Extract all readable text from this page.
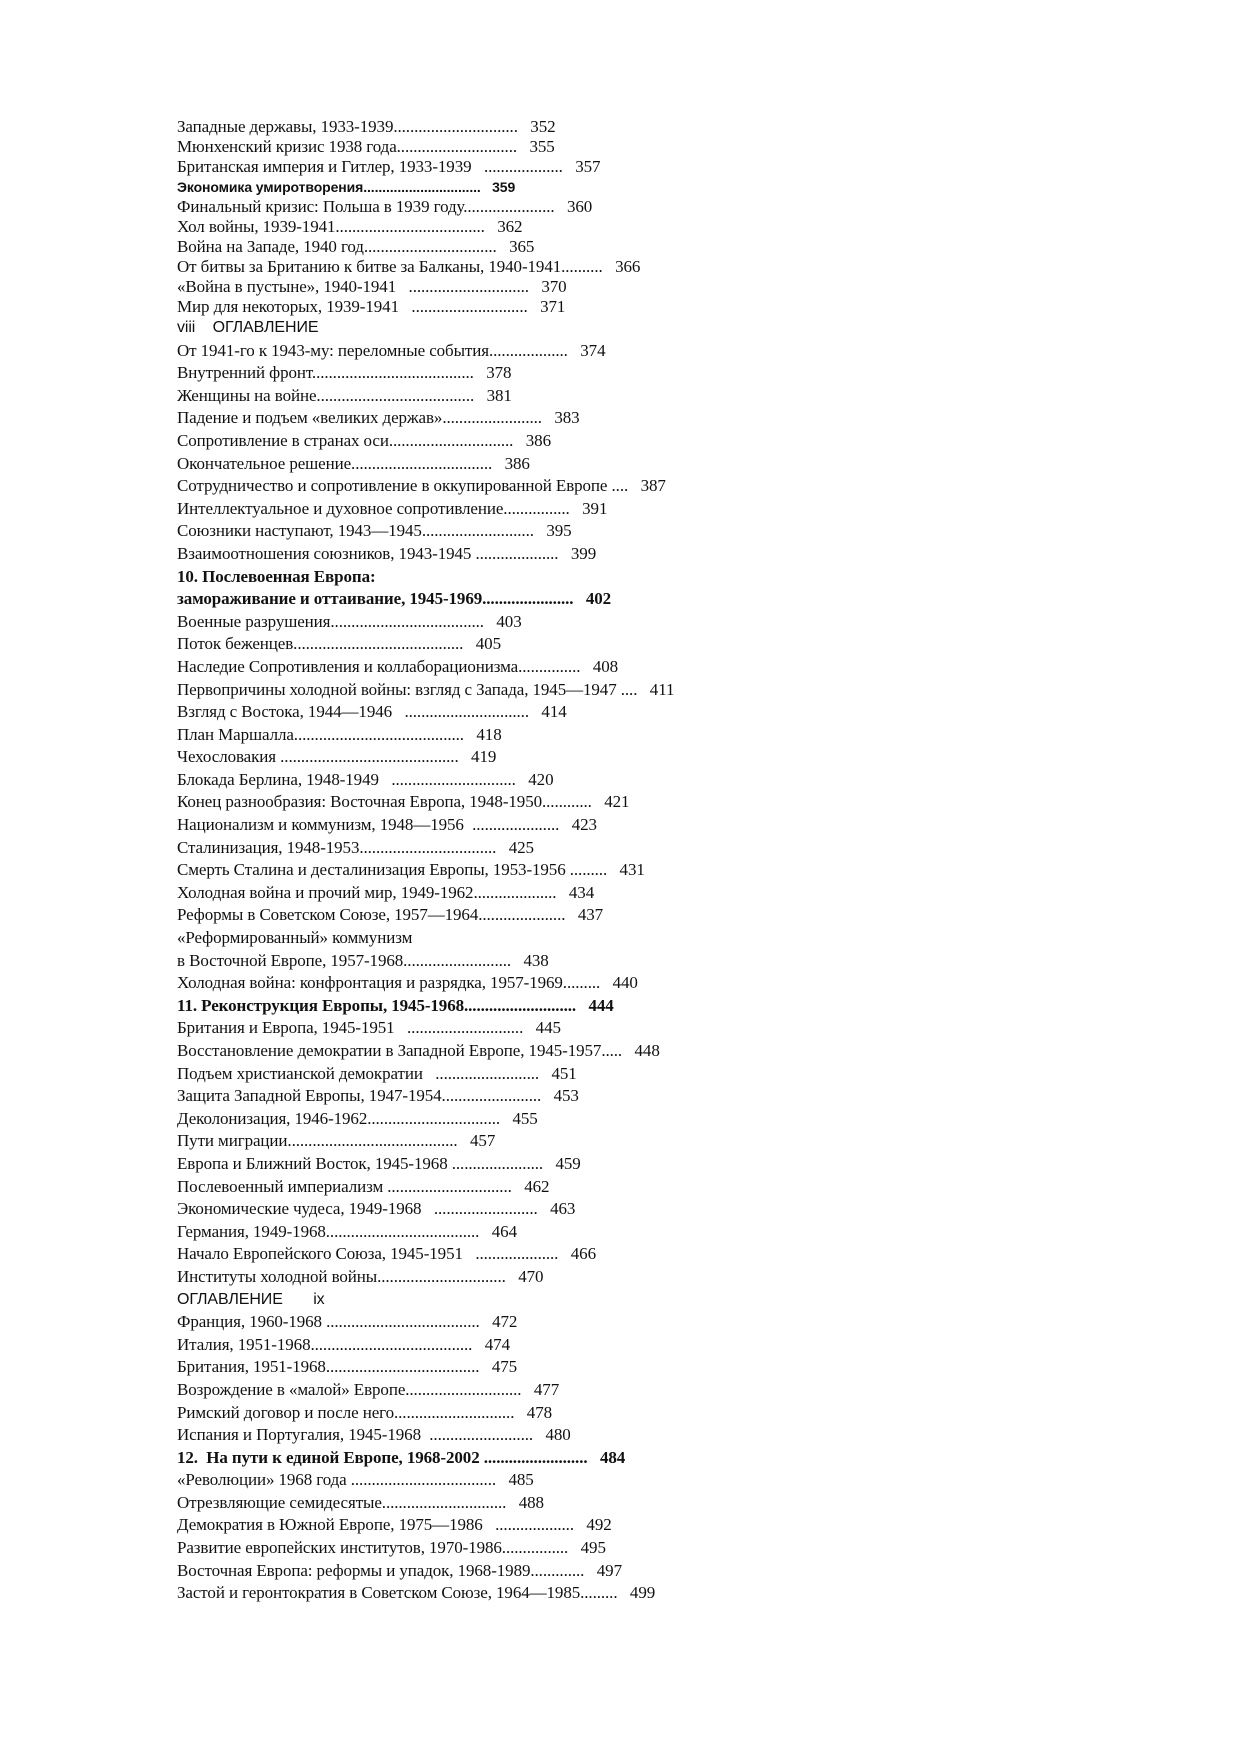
Западные державы, 1933-1939..............................   352
Мюнхенский кризис 1938 года.............................   355
Британская империя и Гитлер, 1933-1939   ...................   357
Экономика умиротворения...............................   359
Финальный кризис: Польша в 1939 году......................   360
Хол войны, 1939-1941....................................   362
Война на Западе, 1940 год................................   365
От битвы за Британию к битве за Балканы, 1940-1941..........   366
«Война в пустыне», 1940-1941   .............................   370
Мир для некоторых, 1939-1941   ............................   371
viii    ОГЛАВЛЕНИЕ
От 1941-го к 1943-му: переломные события...................   374
Внутренний фронт.......................................   378
Женщины на войне......................................   381
Падение и подъем «великих держав»........................   383
Сопротивление в странах оси..............................   386
Окончательное решение..................................   386
Сотрудничество и сопротивление в оккупированной Европе ....   387
Интеллектуальное и духовное сопротивление................   391
Союзники наступают, 1943—1945...........................   395
Взаимоотношения союзников, 1943-1945 ....................   399
10. Послевоенная Европа:
замораживание и оттаивание, 1945-1969......................   402
Военные разрушения.....................................   403
Поток беженцев.........................................   405
Наследие Сопротивления и коллаборационизма...............   408
Первопричины холодной войны: взгляд с Запада, 1945—1947 ....   411
Взгляд с Востока, 1944—1946   ..............................   414
План Маршалла.........................................   418
Чехословакия ...........................................   419
Блокада Берлина, 1948-1949   ..............................   420
Конец разнообразия: Восточная Европа, 1948-1950............   421
Национализм и коммунизм, 1948—1956  .....................   423
Сталинизация, 1948-1953.................................   425
Смерть Сталина и десталинизация Европы, 1953-1956 .........   431
Холодная война и прочий мир, 1949-1962....................   434
Реформы в Советском Союзе, 1957—1964.....................   437
«Реформированный» коммунизм
в Восточной Европе, 1957-1968..........................   438
Холодная война: конфронтация и разрядка, 1957-1969.........   440
11. Реконструкция Европы, 1945-1968...........................   444
Британия и Европа, 1945-1951   ............................   445
Восстановление демократии в Западной Европе, 1945-1957.....   448
Подъем христианской демократии   .........................   451
Защита Западной Европы, 1947-1954........................   453
Деколонизация, 1946-1962................................   455
Пути миграции.........................................   457
Европа и Ближний Восток, 1945-1968 ......................   459
Послевоенный империализм ..............................   462
Экономические чудеса, 1949-1968   .........................   463
Германия, 1949-1968.....................................   464
Начало Европейского Союза, 1945-1951   ....................   466
Институты холодной войны...............................   470
ОГЛАВЛЕНИЕ       ix
Франция, 1960-1968 .....................................   472
Италия, 1951-1968.......................................   474
Британия, 1951-1968.....................................   475
Возрождение в «малой» Европе............................   477
Римский договор и после него.............................   478
Испания и Португалия, 1945-1968  .........................   480
12.  На пути к единой Европе, 1968-2002 .........................   484
«Революции» 1968 года ...................................   485
Отрезвляющие семидесятые..............................   488
Демократия в Южной Европе, 1975—1986   ...................   492
Развитие европейских институтов, 1970-1986................   495
Восточная Европа: реформы и упадок, 1968-1989.............   497
Застой и геронтократия в Советском Союзе, 1964—1985.........   499
